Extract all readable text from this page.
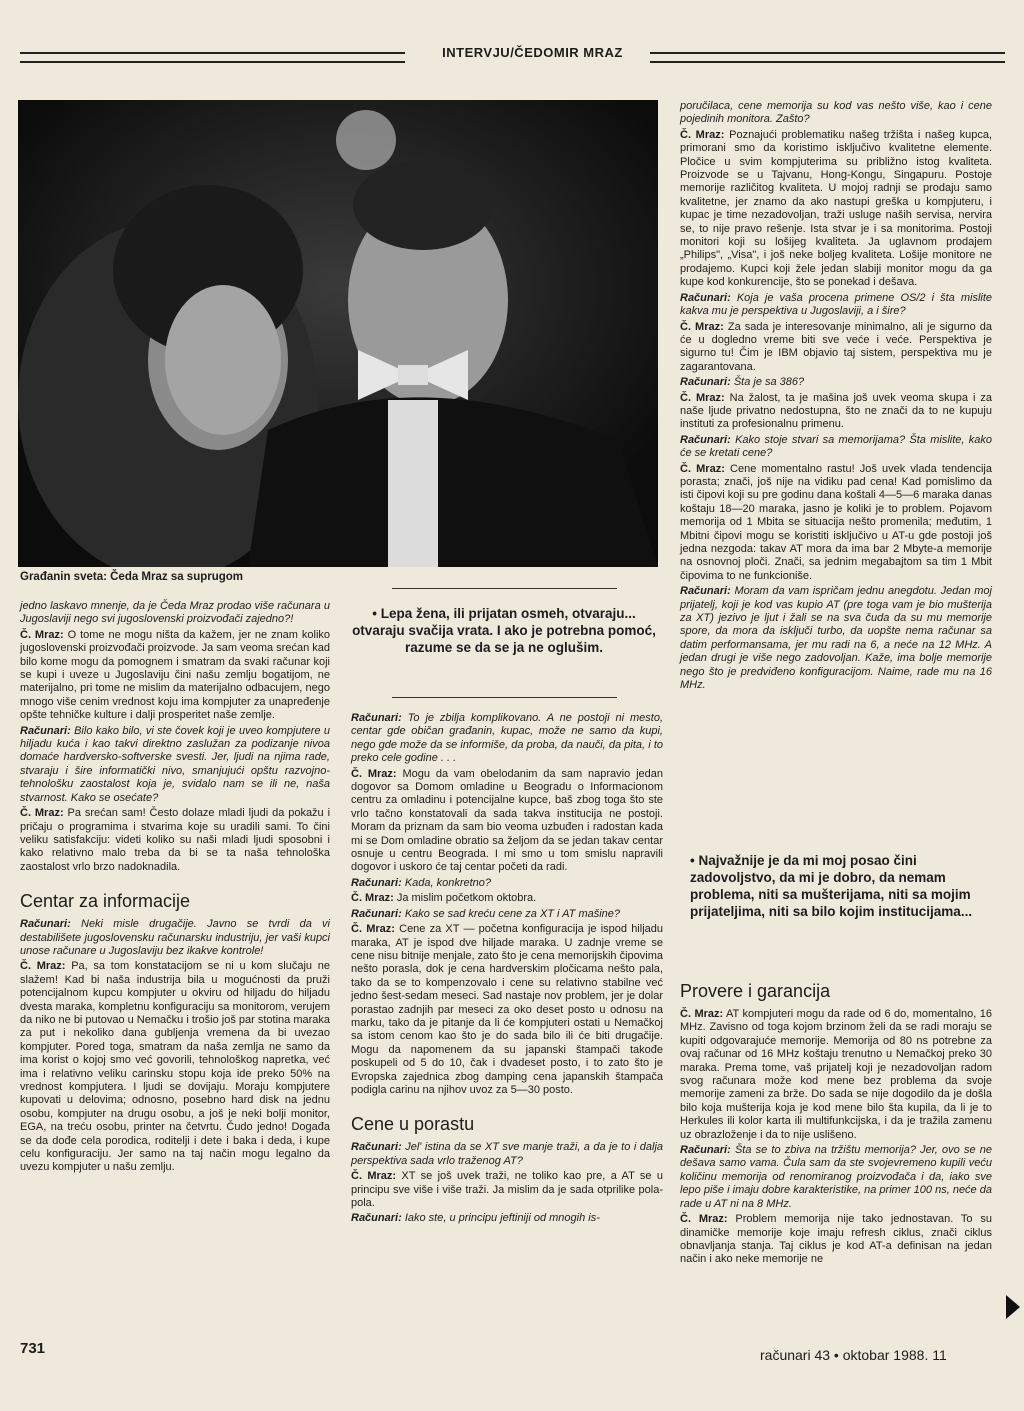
INTERVJU/ČEDOMIR MRAZ
Građanin sveta: Čeda Mraz sa suprugom

jedno laskavo mnenje, da je Čeda Mraz prodao više računara u Jugoslaviji nego svi jugoslovenski proizvođači zajedno?!

Č. Mraz: O tome ne mogu ništa da kažem, jer ne znam koliko jugoslovenski proizvođači proizvode. Ja sam veoma srećan kad bilo kome mogu da pomognem i smatram da svaki računar koji se kupi i uveze u Jugoslaviju čini našu zemlju bogatijom, ne materijalno, pri tome ne mislim da materijalno odbacujem, nego mnogo više cenim vrednost koju ima kompjuter za unapređenje opšte tehničke kulture i dalji prosperitet naše zemlje.

Računari: Bilo kako bilo, vi ste čovek koji je uveo kompjutere u hiljadu kuća i kao takvi direktno zaslužan za podizanje nivoa domaće hardversko-softverske svesti. Jer, ljudi na njima rade, stvaraju i šire informatički nivo, smanjujući opštu razvojno-tehnološku zaostalost koja je, svidalo nam se ili ne, naša stvarnost. Kako se osećate?

Č. Mraz: Pa srećan sam! Često dolaze mladi ljudi da pokažu i pričaju o programima i stvarima koje su uradili sami. To čini veliku satisfakciju: videti koliko su naši mladi ljudi sposobni i kako relativno malo treba da bi se ta naša tehnološka zaostalost vrlo brzo nadoknadila.

Centar za informacije

Računari: Neki misle drugačije. Javno se tvrdi da vi destabilišete jugoslovensku računarsku industriju, jer vaši kupci unose računare u Jugoslaviju bez ikakve kontrole!

Č. Mraz: Pa, sa tom konstatacijom se ni u kom slučaju ne slažem! Kad bi naša industrija bila u mogućnosti da pruži potencijalnom kupcu kompjuter u okviru od hiljadu do hiljadu dvesta maraka, kompletnu konfiguraciju sa monitorom, verujem da niko ne bi putovao u Nemačku i trošio još par stotina maraka za put i nekoliko dana gubljenja vremena da bi uvezao kompjuter. Pored toga, smatram da naša zemlja ne samo da ima korist o kojoj smo već govorili, tehnološkog napretka, već ima i relativno veliku carinsku stopu koja ide preko 50% na vrednost kompjutera. I ljudi se dovijaju. Moraju kompjutere kupovati u delovima; odnosno, posebno hard disk na jednu osobu, kompjuter na drugu osobu, a još je neki bolji monitor, EGA, na treću osobu, printer na četvrtu. Čudo jedno! Događa se da dođe cela porodica, roditelji i dete i baka i deda, i kupe celu konfiguraciju. Jer samo na taj način mogu legalno da uvezu kompjuter u našu zemlju.

• Lepa žena, ili prijatan osmeh, otvaraju... otvaraju svačija vrata. I ako je potrebna pomoć, razume se da se ja ne oglušim.

Računari: To je zbilja komplikovano. A ne postoji ni mesto, centar gde običan građanin, kupac, može ne samo da kupi, nego gde može da se informiše, da proba, da nauči, da pita, i to preko cele godine . . .

Č. Mraz: Mogu da vam obelodanim da sam napravio jedan dogovor sa Domom omladine u Beogradu o Informacionom centru za omladinu i potencijalne kupce, baš zbog toga što ste vrlo tačno konstatovali da sada takva institucija ne postoji. Moram da priznam da sam bio veoma uzbuđen i radostan kada mi se Dom omladine obratio sa željom da se jedan takav centar osnuje u centru Beograda. I mi smo u tom smislu napravili dogovor i uskoro će taj centar početi da radi.

Računari: Kada, konkretno?

Č. Mraz: Ja mislim početkom oktobra.

Računari: Kako se sad kreću cene za XT i AT mašine?

Č. Mraz: Cene za XT — početna konfiguracija je ispod hiljadu maraka, AT je ispod dve hiljade maraka. U zadnje vreme se cene nisu bitnije menjale, zato što je cena memorijskih čipovima nešto porasla, dok je cena hardverskim pločicama nešto pala, tako da se to kompenzovalo i cene su relativno stabilne već jedno šest-sedam meseci. Sad nastaje nov problem, jer je dolar porastao zadnjih par meseci za oko deset posto u odnosu na marku, tako da je pitanje da li će kompjuteri ostati u Nemačkoj sa istom cenom kao što je do sada bilo ili će biti drugačije. Mogu da napomenem da su japanski štampači takođe poskupeli od 5 do 10, čak i dvadeset posto, i to zato što je Evropska zajednica zbog damping cena japanskih štampača podigla carinu na njihov uvoz za 5—30 posto.

Cene u porastu

Računari: Jel' istina da se XT sve manje traži, a da je to i dalja perspektiva sada vrlo traženog AT?

Č. Mraz: XT se još uvek traži, ne toliko kao pre, a AT se u principu sve više i više traži. Ja mislim da je sada otprilike pola-pola.

Računari: Iako ste, u principu jeftiniji od mnogih is-

poručilaca, cene memorija su kod vas nešto više, kao i cene pojedinih monitora. Zašto?

Č. Mraz: Poznajući problematiku našeg tržišta i našeg kupca, primorani smo da koristimo isključivo kvalitetne elemente. Pločice u svim kompjuterima su približno istog kvaliteta. Proizvode se u Tajvanu, Hong-Kongu, Singapuru. Postoje memorije različitog kvaliteta. U mojoj radnji se prodaju samo kvalitetne, jer znamo da ako nastupi greška u kompjuteru, i kupac je time nezadovoljan, traži usluge naših servisa, nervira se, to nije pravo rešenje. Ista stvar je i sa monitorima. Postoji monitori koji su lošijeg kvaliteta. Ja uglavnom prodajem „Philips", „Visa", i još neke boljeg kvaliteta. Lošije monitore ne prodajemo. Kupci koji žele jedan slabiji monitor mogu da ga kupe kod konkurencije, što se ponekad i dešava.

Računari: Koja je vaša procena primene OS/2 i šta mislite kakva mu je perspektiva u Jugoslaviji, a i šire?

Č. Mraz: Za sada je interesovanje minimalno, ali je sigurno da će u dogledno vreme biti sve veće i veće. Perspektiva je sigurno tu! Čim je IBM objavio taj sistem, perspektiva mu je zagarantovana.

Računari: Šta je sa 386?

Č. Mraz: Na žalost, ta je mašina još uvek veoma skupa i za naše ljude privatno nedostupna, što ne znači da to ne kupuju instituti za profesionalnu primenu.

Računari: Kako stoje stvari sa memorijama? Šta mislite, kako će se kretati cene?

Č. Mraz: Cene momentalno rastu! Još uvek vlada tendencija porasta; znači, još nije na vidiku pad cena! Kad pomislimo da isti čipovi koji su pre godinu dana koštali 4—5—6 maraka danas koštaju 18—20 maraka, jasno je koliki je to problem. Pojavom memorija od 1 Mbita se situacija nešto promenila; međutim, 1 Mbitni čipovi mogu se koristiti isključivo u AT-u gde postoji još jedna nezgoda: takav AT mora da ima bar 2 Mbyte-a memorije na osnovnoj ploči. Znači, sa jednim megabajtom sa tim 1 Mbit čipovima to ne funkcioniše.

Računari: Moram da vam ispričam jednu anegdotu. Jedan moj prijatelj, koji je kod vas kupio AT (pre toga vam je bio mušterija za XT) jezivo je ljut i žali se na sva čuda da su mu memorije spore, da mora da isključi turbo, da uopšte nema računar sa datim performansama, jer mu radi na 6, a neće na 12 MHz. A jedan drugi je više nego zadovoljan. Kaže, ima bolje memorije nego što je predviđeno konfiguracijom. Naime, rade mu na 16 MHz.

• Najvažnije je da mi moj posao čini zadovoljstvo, da mi je dobro, da nemam problema, niti sa mušterijama, niti sa mojim prijateljima, niti sa bilo kojim institucijama...
Provere i garancija

Č. Mraz: AT kompjuteri mogu da rade od 6 do, momentalno, 16 MHz. Zavisno od toga kojom brzinom želi da se radi moraju se kupiti odgovarajuće memorije. Memorija od 80 ns potrebne za ovaj računar od 16 MHz koštaju trenutno u Nemačkoj preko 30 maraka. Prema tome, vaš prijatelj koji je nezadovoljan radom svog računara može kod mene bez problema da svoje memorije zameni za brže. Do sada se nije dogodilo da je došla bilo koja mušterija koja je kod mene bilo šta kupila, da li je to Herkules ili kolor karta ili multifunkcijska, i da je tražila zamenu uz obrazloženje i da to nije uslišeno.

Računari: Šta se to zbiva na tržištu memorija? Jer, ovo se ne dešava samo vama. Čula sam da ste svojevremeno kupili veću količinu memorija od renomiranog proizvođača i da, iako sve lepo piše i imaju dobre karakteristike, na primer 100 ns, neće da rade u AT ni na 8 MHz.

Č. Mraz: Problem memorija nije tako jednostavan. To su dinamičke memorije koje imaju refresh ciklus, znači ciklus obnavljanja stanja. Taj ciklus je kod AT-a definisan na jedan način i ako neke memorije ne

731	računari 43 • oktobar 1988. 11
